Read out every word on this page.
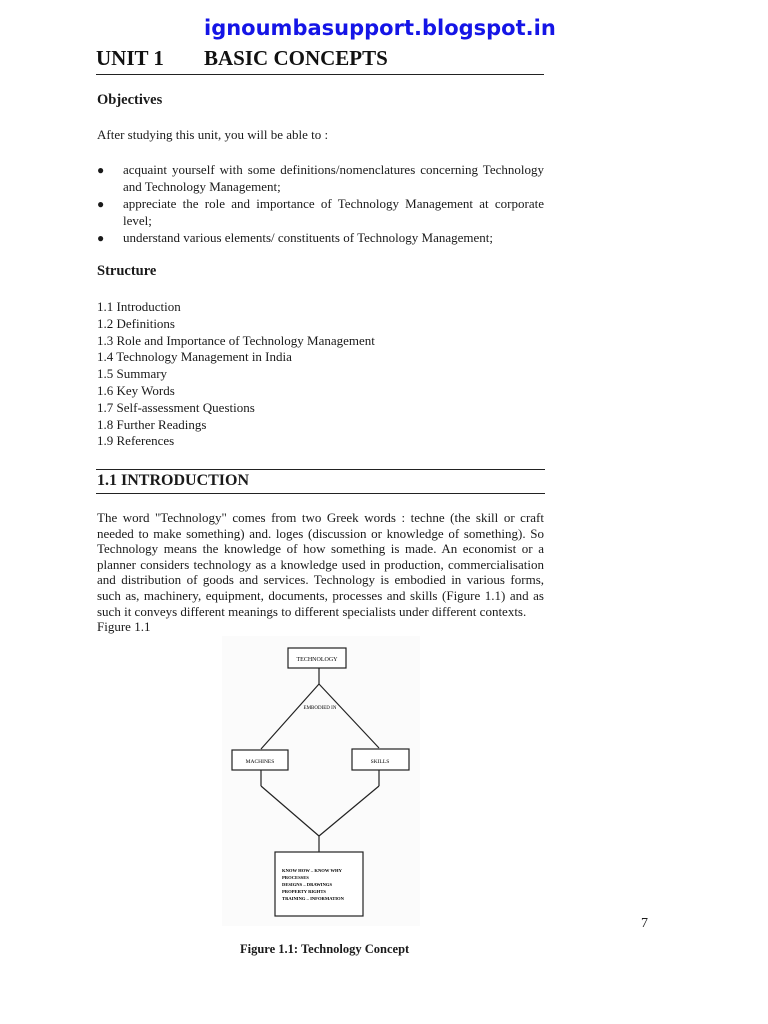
ignoumbasupport.blogspot.in
UNIT 1 BASIC CONCEPTS
Objectives
After studying this unit, you will be able to :
● acquaint yourself with some definitions/nomenclatures concerning Technology and Technology Management;
● appreciate the role and importance of Technology Management at corporate level;
● understand various elements/ constituents of Technology Management;
Structure
1.1 Introduction
1.2 Definitions
1.3 Role and Importance of Technology Management
1.4 Technology Management in India
1.5 Summary
1.6 Key Words
1.7 Self-assessment Questions
1.8 Further Readings
1.9 References
1.1 INTRODUCTION

The word "Technology" comes from two Greek words : techne (the skill or craft needed to make something) and. loges (discussion or knowledge of something). So Technology means the knowledge of how something is made. An economist or a planner considers technology as a knowledge used in production, commercialisation and distribution of goods and services. Technology is embodied in various forms, such as, machinery, equipment, documents, processes and skills (Figure 1.1) and as such it conveys different meanings to different specialists under different contexts.

Figure 1.1
TECHNOLOGY
EMBODIED IN
MACHINES	SKILLS
KNOW HOW – KNOW WHY
PROCESSES
DESIGNS – DRAWINGS
PROPERTY RIGHTS
TRAINING – INFORMATION
7
Figure 1.1: Technology Concept
